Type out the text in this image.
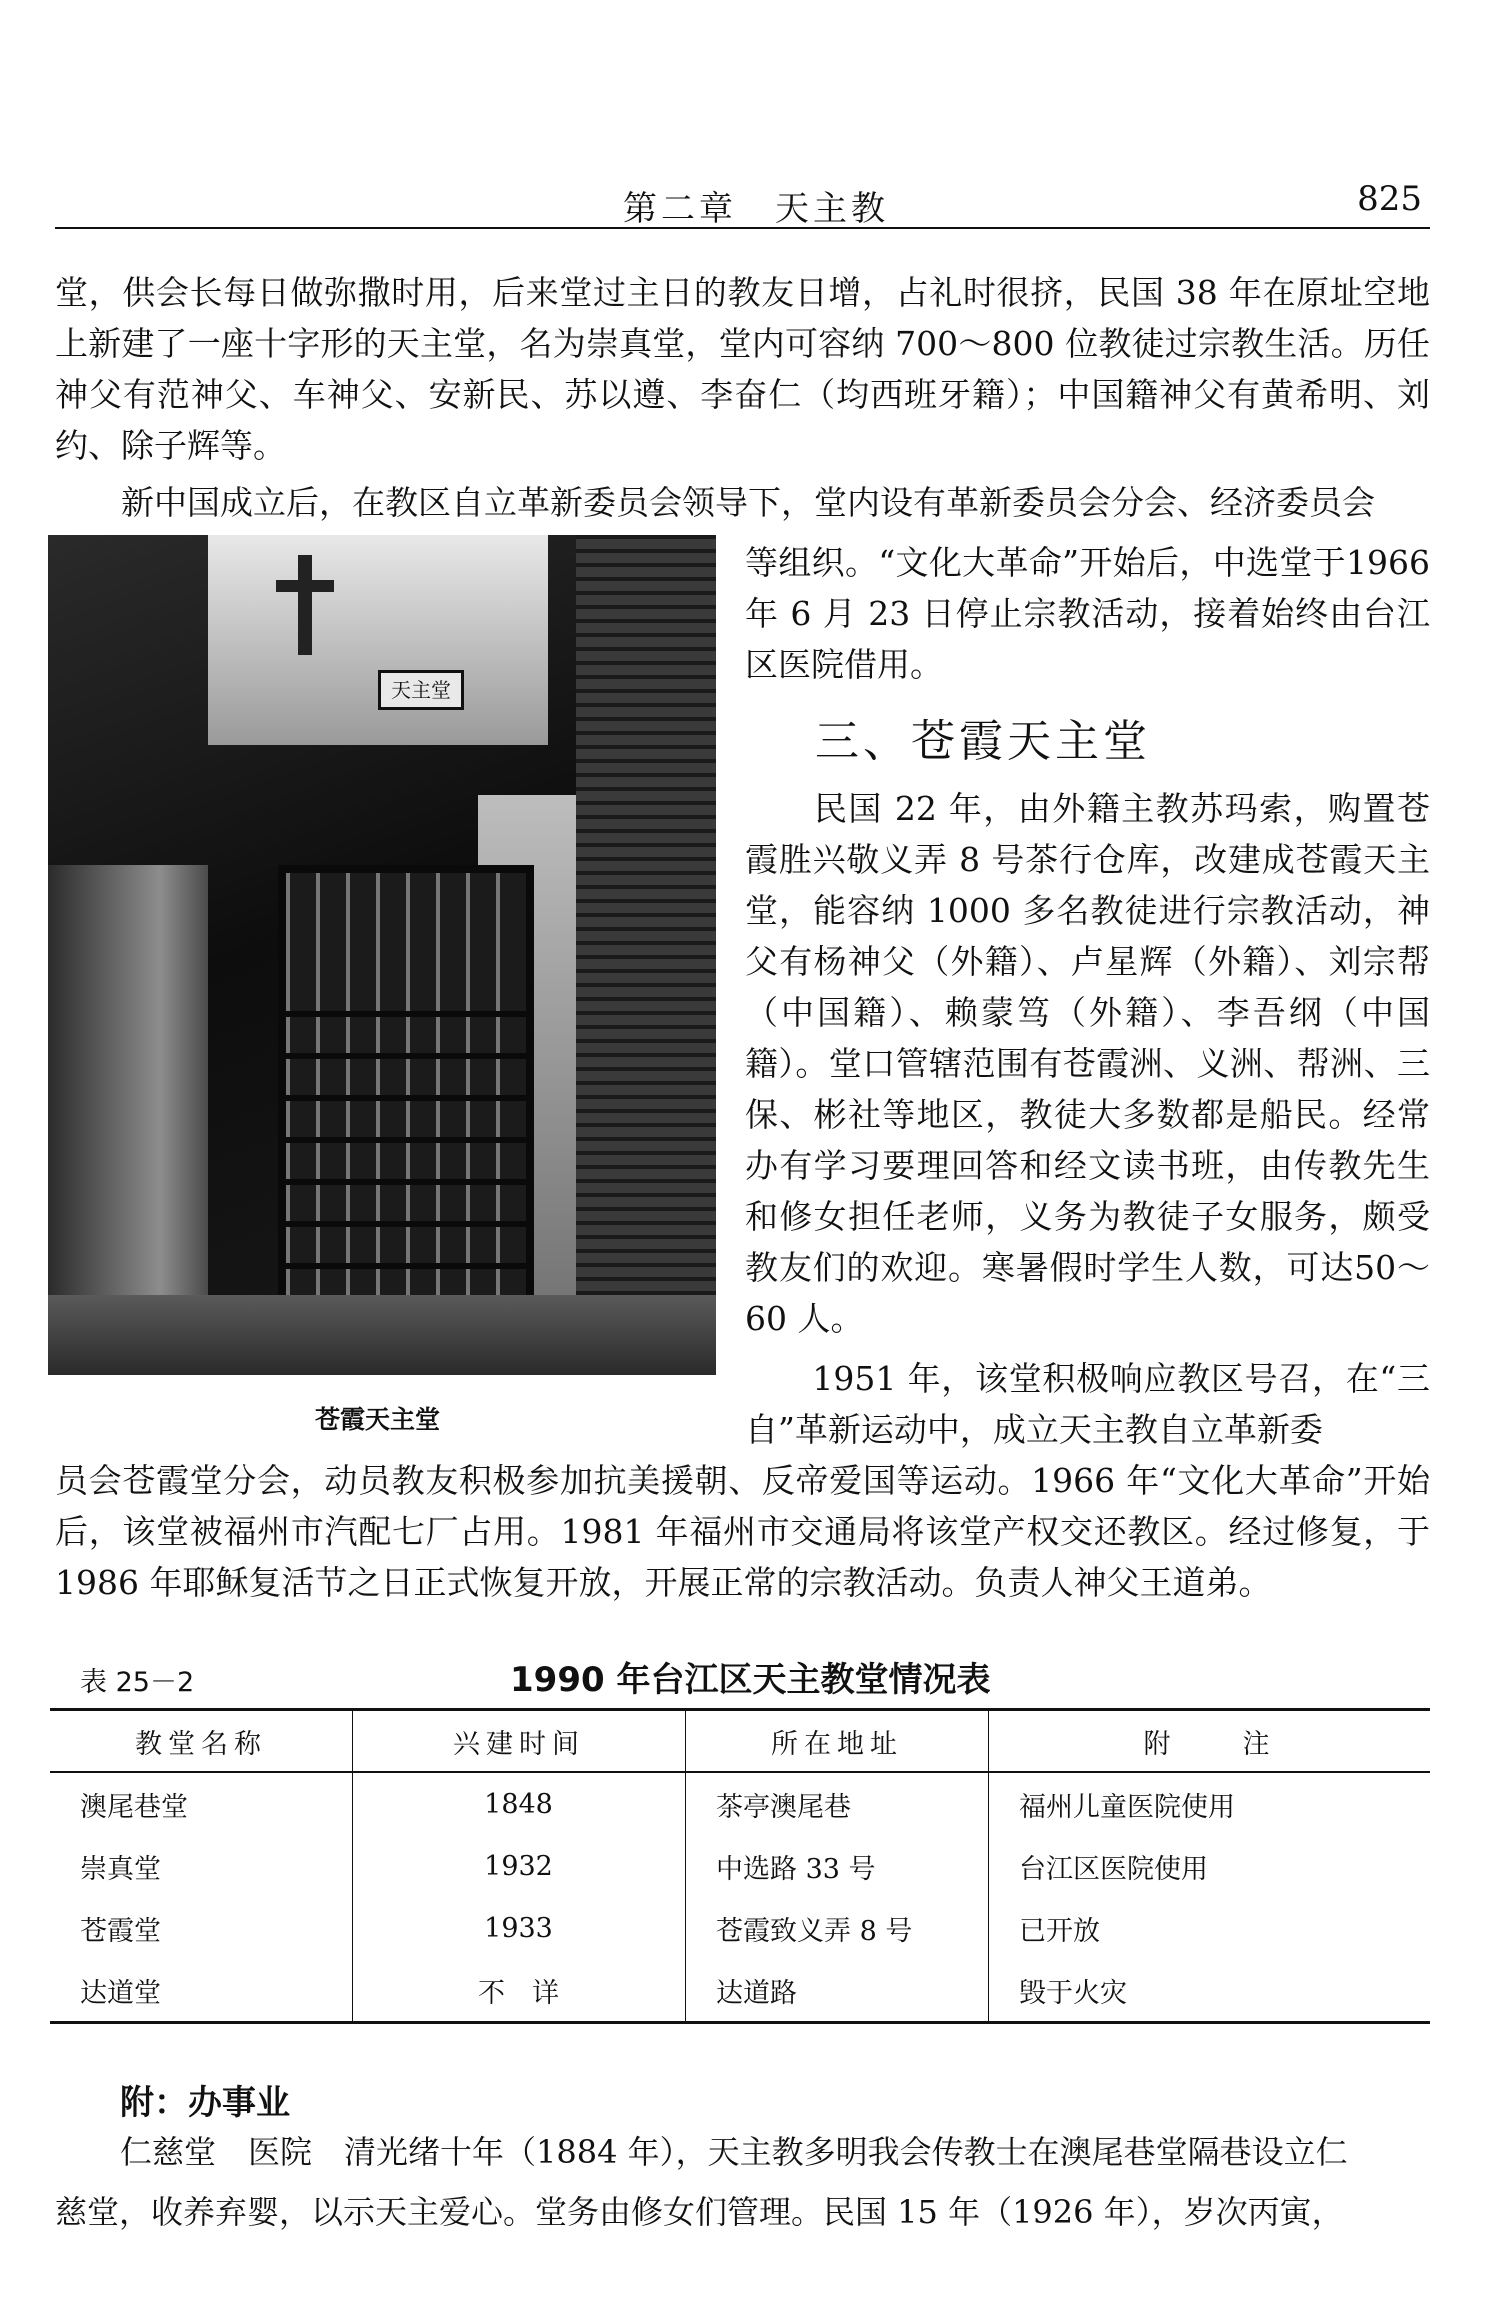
第二章　天主教	825

堂，供会长每日做弥撒时用，后来堂过主日的教友日增，占礼时很挤，民国 38 年在原址空地上新建了一座十字形的天主堂，名为崇真堂，堂内可容纳 700～800 位教徒过宗教生活。历任神父有范神父、车神父、安新民、苏以遵、李奋仁（均西班牙籍）；中国籍神父有黄希明、刘约、除子辉等。

　　新中国成立后，在教区自立革新委员会领导下，堂内设有革新委员会分会、经济委员会

天主堂

等组织。“文化大革命”开始后，中选堂于1966 年 6 月 23 日停止宗教活动，接着始终由台江区医院借用。

三、苍霞天主堂

　　民国 22 年，由外籍主教苏玛索，购置苍霞胜兴敬义弄 8 号茶行仓库，改建成苍霞天主堂，能容纳 1000 多名教徒进行宗教活动，神父有杨神父（外籍）、卢星辉（外籍）、刘宗帮（中国籍）、赖蒙笃（外籍）、李吾纲（中国籍）。堂口管辖范围有苍霞洲、义洲、帮洲、三保、彬社等地区，教徒大多数都是船民。经常办有学习要理回答和经文读书班，由传教先生和修女担任老师，义务为教徒子女服务，颇受教友们的欢迎。寒暑假时学生人数，可达50～60 人。

苍霞天主堂

　　1951 年，该堂积极响应教区号召，在“三自”革新运动中，成立天主教自立革新委

员会苍霞堂分会，动员教友积极参加抗美援朝、反帝爱国等运动。1966 年“文化大革命”开始后，该堂被福州市汽配七厂占用。1981 年福州市交通局将该堂产权交还教区。经过修复，于 1986 年耶稣复活节之日正式恢复开放，开展正常的宗教活动。负责人神父王道弟。

表 25－2	1990 年台江区天主教堂情况表
教堂名称	兴建时间	所在地址	附　　注
澳尾巷堂	1848	茶亭澳尾巷	福州儿童医院使用
崇真堂	1932	中选路 33 号	台江区医院使用
苍霞堂	1933	苍霞致义弄 8 号	已开放
达道堂	不　详	达道路	毁于火灾
附：办事业

仁慈堂　医院　清光绪十年（1884 年），天主教多明我会传教士在澳尾巷堂隔巷设立仁

慈堂，收养弃婴，以示天主爱心。堂务由修女们管理。民国 15 年（1926 年），岁次丙寅，
